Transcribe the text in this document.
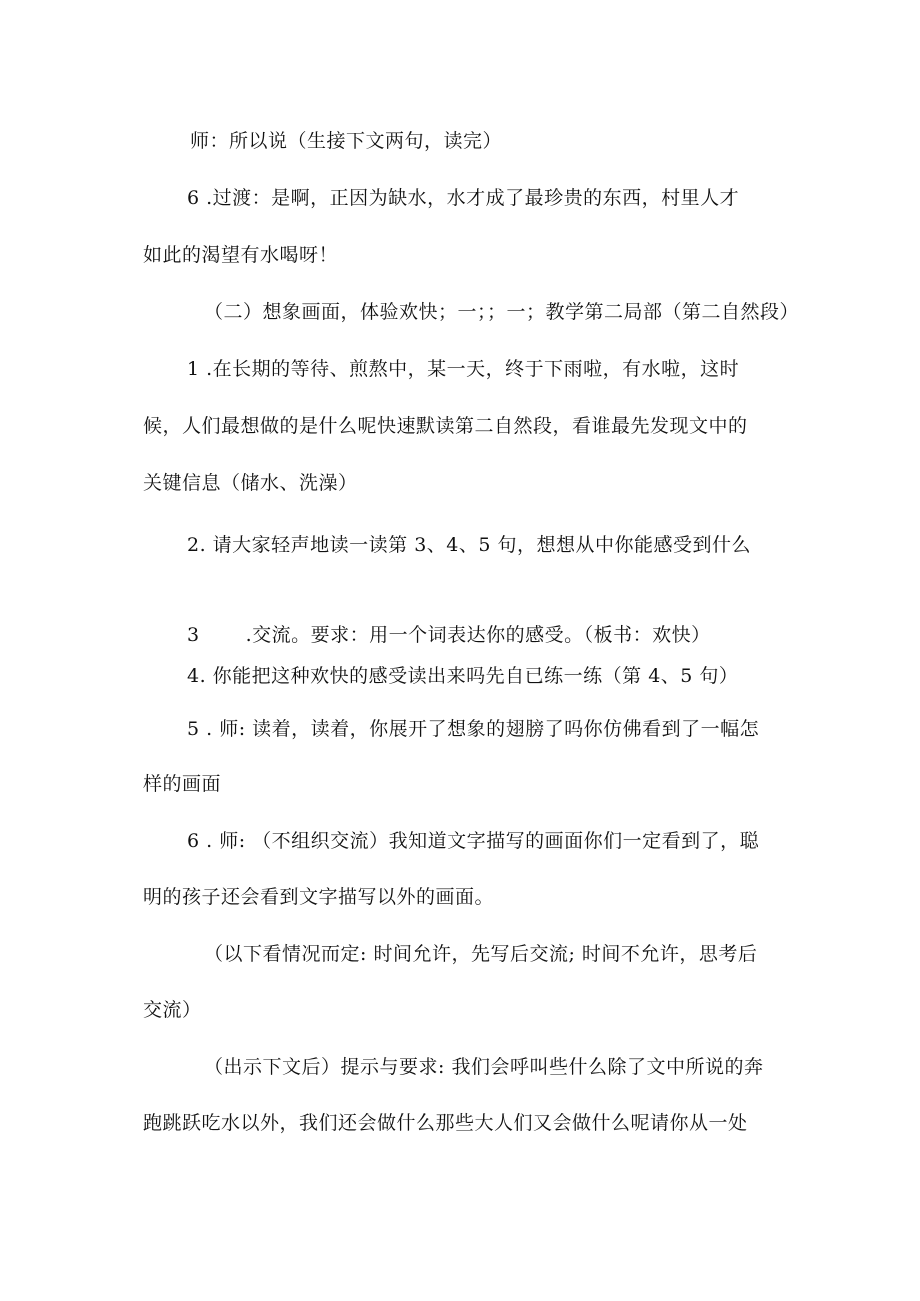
师：所以说（生接下文两句，读完）
6 .过渡：是啊，正因为缺水，水才成了最珍贵的东西，村里人才
如此的渴望有水喝呀！
（二）想象画面，体验欢快；一；；一；教学第二局部（第二自然段）
1 .在长期的等待、煎熬中，某一天，终于下雨啦，有水啦，这时
候，人们最想做的是什么呢快速默读第二自然段，看谁最先发现文中的
关键信息（储水、洗澡）
2. 请大家轻声地读一读第 3、4、5 句，想想从中你能感受到什么
3 .交流。要求：用一个词表达你的感受。（板书：欢快）
4. 你能把这种欢快的感受读出来吗先自已练一练（第 4、5 句）
5 . 师: 读着，读着，你展开了想象的翅膀了吗你仿佛看到了一幅怎
样的画面
6 . 师: （不组织交流）我知道文字描写的画面你们一定看到了，聪
明的孩子还会看到文字描写以外的画面。
（以下看情况而定: 时间允许，先写后交流; 时间不允许，思考后
交流）
（出示下文后）提示与要求: 我们会呼叫些什么除了文中所说的奔
跑跳跃吃水以外，我们还会做什么那些大人们又会做什么呢请你从一处
